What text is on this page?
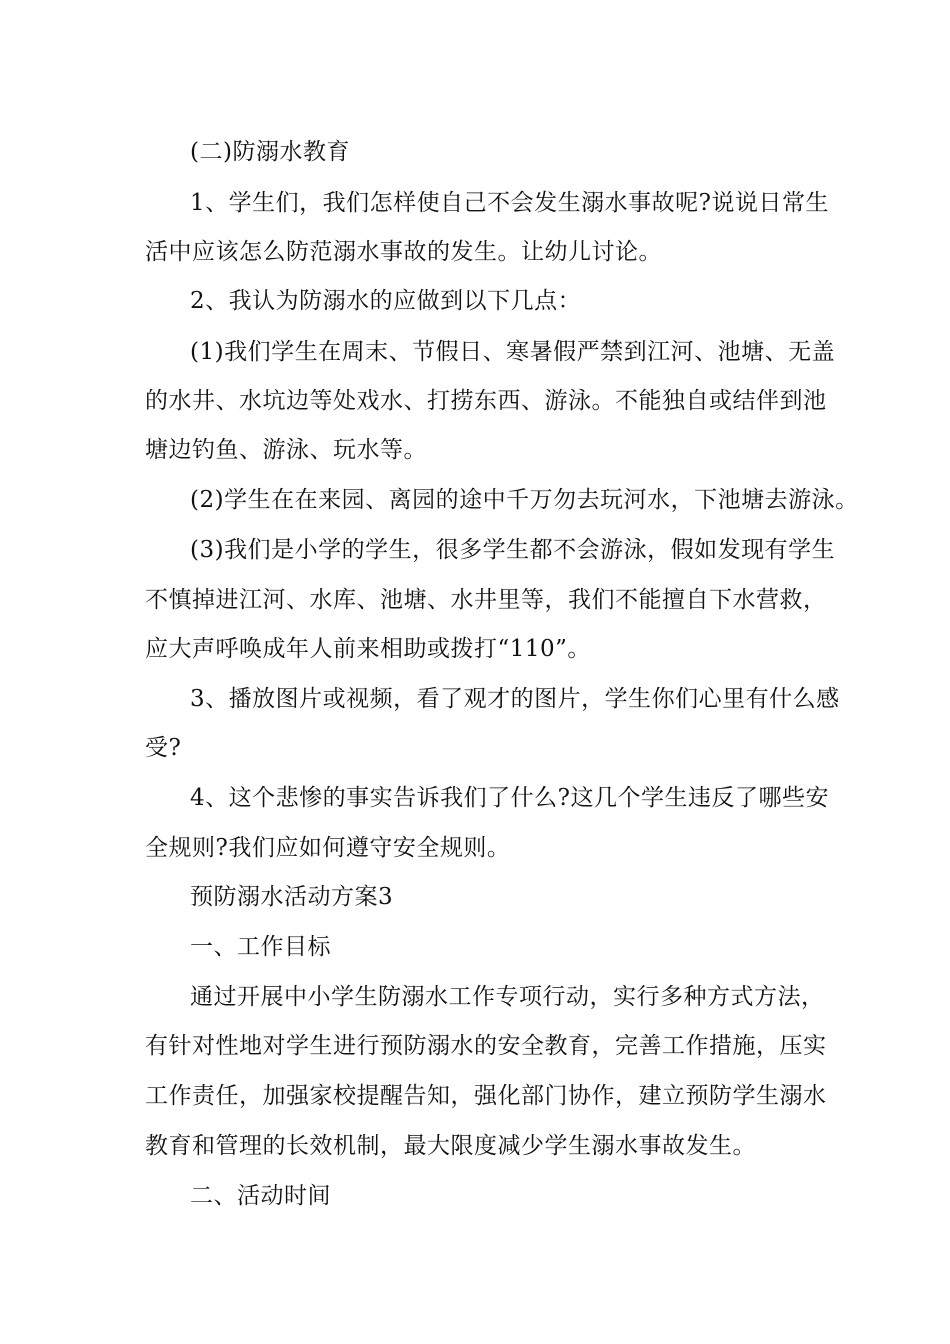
(二)防溺水教育
1、学生们，我们怎样使自己不会发生溺水事故呢?说说日常生
活中应该怎么防范溺水事故的发生。让幼儿讨论。
2、我认为防溺水的应做到以下几点：
(1)我们学生在周末、节假日、寒暑假严禁到江河、池塘、无盖
的水井、水坑边等处戏水、打捞东西、游泳。不能独自或结伴到池
塘边钓鱼、游泳、玩水等。
(2)学生在在来园、离园的途中千万勿去玩河水，下池塘去游泳。
(3)我们是小学的学生，很多学生都不会游泳，假如发现有学生
不慎掉进江河、水库、池塘、水井里等，我们不能擅自下水营救，
应大声呼唤成年人前来相助或拨打“110”。
3、播放图片或视频，看了观才的图片，学生你们心里有什么感
受?
4、这个悲惨的事实告诉我们了什么?这几个学生违反了哪些安
全规则?我们应如何遵守安全规则。
预防溺水活动方案3
一、工作目标
通过开展中小学生防溺水工作专项行动，实行多种方式方法，
有针对性地对学生进行预防溺水的安全教育，完善工作措施，压实
工作责任，加强家校提醒告知，强化部门协作，建立预防学生溺水
教育和管理的长效机制，最大限度减少学生溺水事故发生。
二、活动时间
